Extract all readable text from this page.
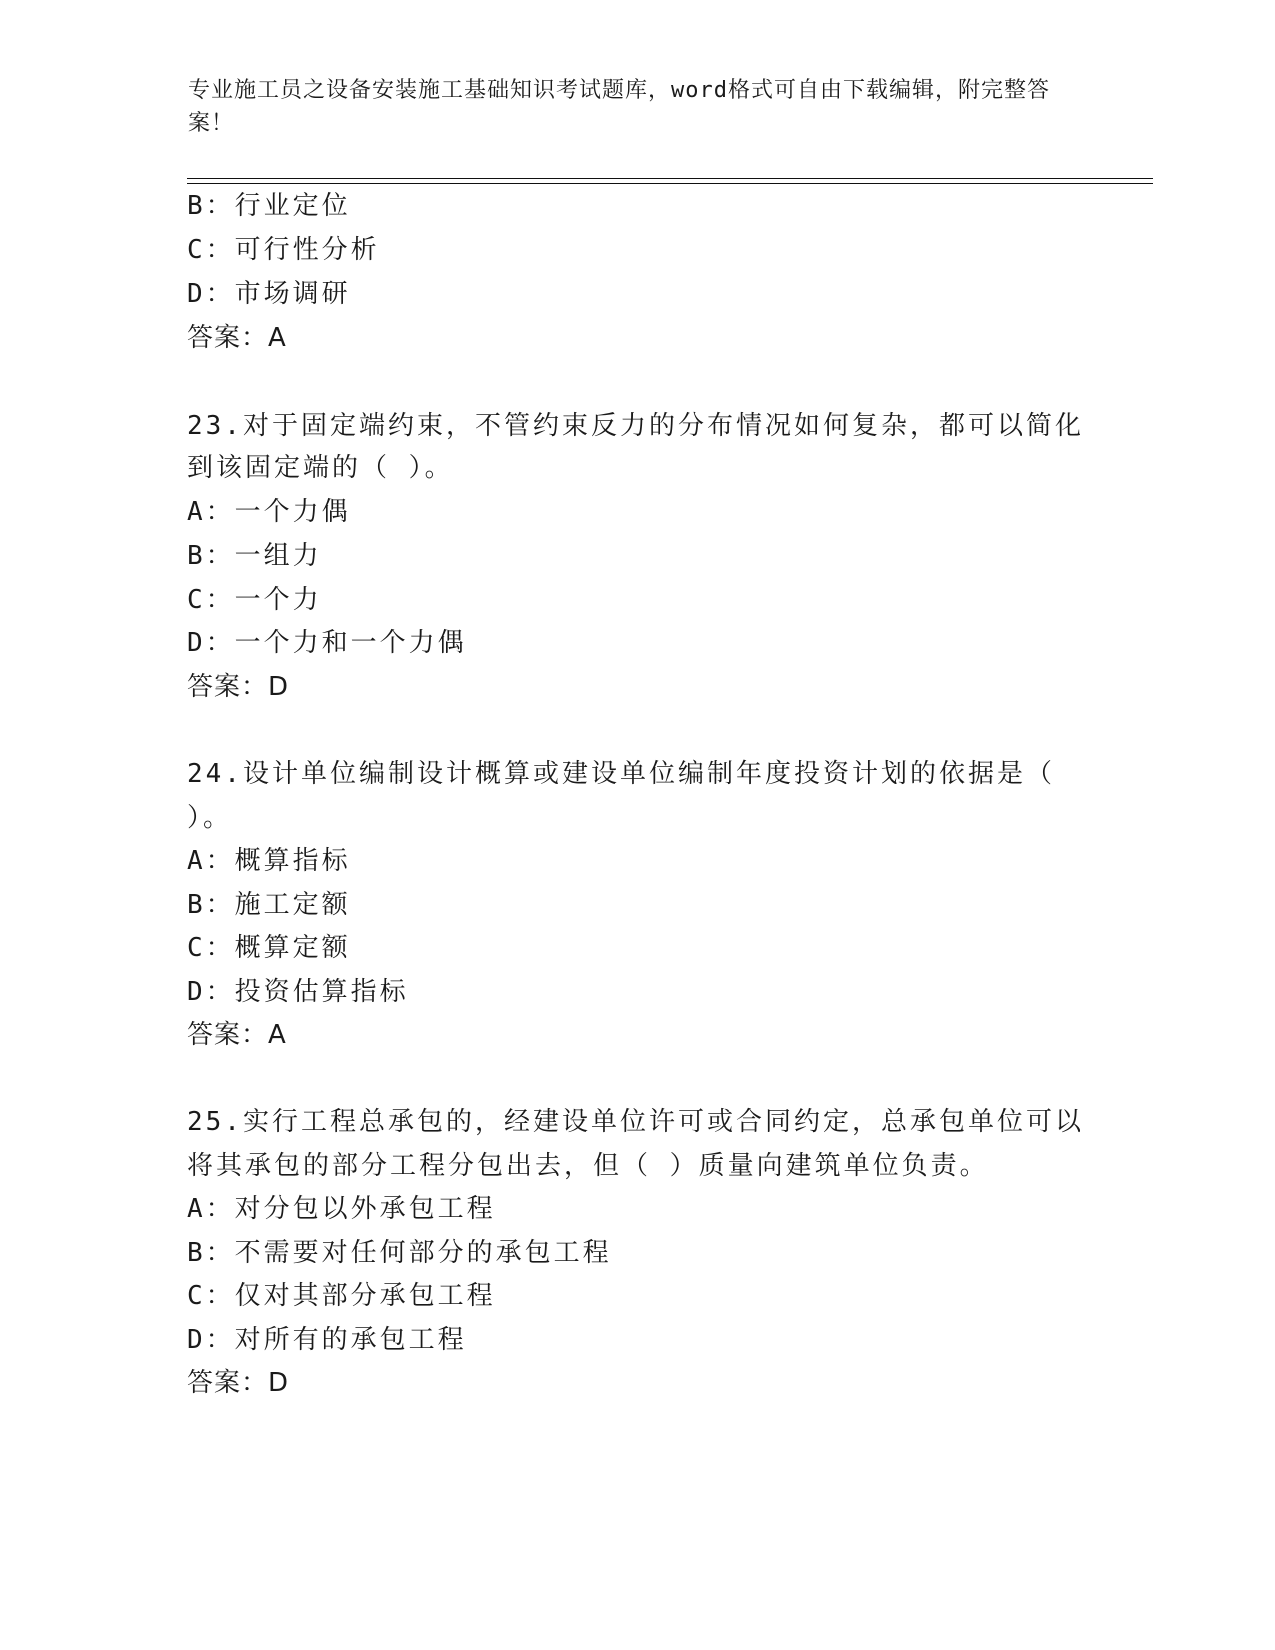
专业施工员之设备安装施工基础知识考试题库，word格式可自由下载编辑，附完整答案！
B：行业定位
C：可行性分析
D：市场调研
答案：A
23.对于固定端约束，不管约束反力的分布情况如何复杂，都可以简化
到该固定端的（ ）。
A：一个力偶
B：一组力
C：一个力
D：一个力和一个力偶
答案：D
24.设计单位编制设计概算或建设单位编制年度投资计划的依据是（
）。
A：概算指标
B：施工定额
C：概算定额
D：投资估算指标
答案：A
25.实行工程总承包的，经建设单位许可或合同约定，总承包单位可以
将其承包的部分工程分包出去，但（ ）质量向建筑单位负责。
A：对分包以外承包工程
B：不需要对任何部分的承包工程
C：仅对其部分承包工程
D：对所有的承包工程
答案：D
